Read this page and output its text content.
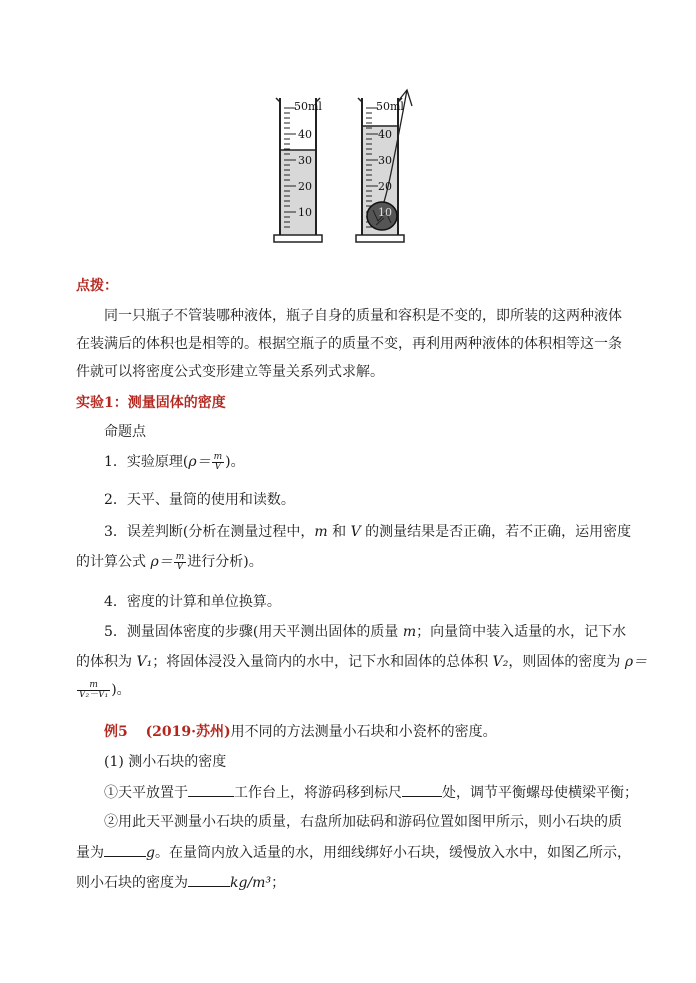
50ml
40
30
20
10
50ml
40
30
20
10
点拨：
同一只瓶子不管装哪种液体，瓶子自身的质量和容积是不变的，即所装的这两种液体
在装满后的体积也是相等的。根据空瓶子的质量不变，再利用两种液体的体积相等这一条
件就可以将密度公式变形建立等量关系列式求解。
实验1：测量固体的密度
命题点
1．实验原理($\rho= \frac{m}{V}$ )。
2．天平、量筒的使用和读数。
3．误差判断(分析在测量过程中，m 和 V 的测量结果是否正确，若不正确，运用密度
的计算公式 $\rho= \frac{m}{V}$ 进行分析)。
4．密度的计算和单位换算。
5．测量固体密度的步骤(用天平测出固体的质量 m；向量筒中装入适量的水，记下水
的体积为 V₁；将固体浸没入量筒内的水中，记下水和固体的总体积 V₂，则固体的密度为 ρ＝
$\frac{m}{\text{V₂－V₁}}$ )。
例5 (2019·苏州)用不同的方法测量小石块和小瓷杯的密度。
(1) 测小石块的密度
①天平放置于	工作台上，将游码移到标尺	处，调节平衡螺母使横梁平衡；
②用此天平测量小石块的质量，右盘所加砝码和游码位置如图甲所示，则小石块的质
量为	g。在量筒内放入适量的水，用细线绑好小石块，缓慢放入水中，如图乙所示，
则小石块的密度为	kg/m³；
